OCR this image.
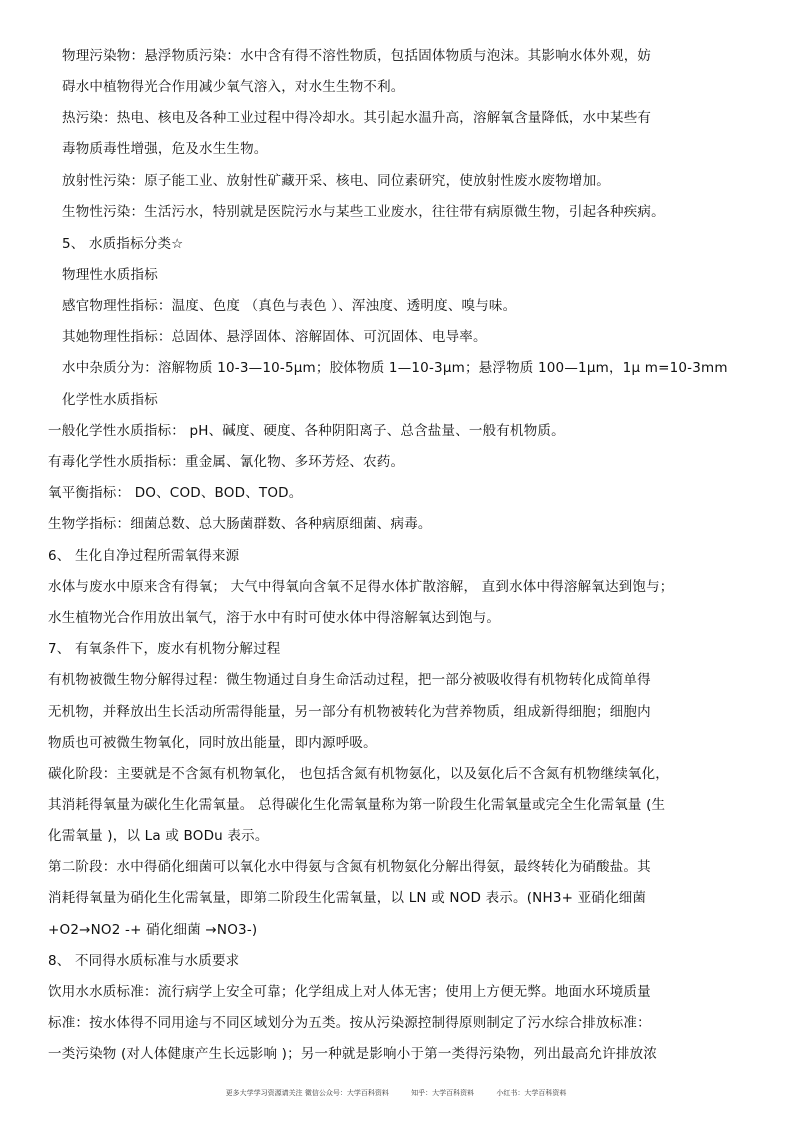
物理污染物：悬浮物质污染：水中含有得不溶性物质，包括固体物质与泡沫。其影响水体外观，妨
碍水中植物得光合作用减少氧气溶入，对水生生物不利。
热污染：热电、核电及各种工业过程中得冷却水。其引起水温升高，溶解氧含量降低，水中某些有
毒物质毒性增强，危及水生生物。
放射性污染：原子能工业、放射性矿藏开采、核电、同位素研究，使放射性废水废物增加。
生物性污染：生活污水，特别就是医院污水与某些工业废水，往往带有病原微生物，引起各种疾病。
5、 水质指标分类☆
物理性水质指标
感官物理性指标：温度、色度 （真色与表色 ）、浑浊度、透明度、嗅与味。
其她物理性指标：总固体、悬浮固体、溶解固体、可沉固体、电导率。
水中杂质分为：溶解物质 10-3—10-5μm；胶体物质 1—10-3μm；悬浮物质 100—1μm，1μ m=10-3mm
化学性水质指标
一般化学性水质指标： pH、碱度、硬度、各种阴阳离子、总含盐量、一般有机物质。
有毒化学性水质指标：重金属、氰化物、多环芳烃、农药。
氧平衡指标： DO、COD、BOD、TOD。
生物学指标：细菌总数、总大肠菌群数、各种病原细菌、病毒。
6、 生化自净过程所需氧得来源
水体与废水中原来含有得氧； 大气中得氧向含氧不足得水体扩散溶解， 直到水体中得溶解氧达到饱与；
水生植物光合作用放出氧气，溶于水中有时可使水体中得溶解氧达到饱与。
7、 有氧条件下，废水有机物分解过程
有机物被微生物分解得过程：微生物通过自身生命活动过程，把一部分被吸收得有机物转化成简单得
无机物，并释放出生长活动所需得能量，另一部分有机物被转化为营养物质，组成新得细胞；细胞内
物质也可被微生物氧化，同时放出能量，即内源呼吸。
碳化阶段：主要就是不含氮有机物氧化， 也包括含氮有机物氨化，以及氨化后不含氮有机物继续氧化，
其消耗得氧量为碳化生化需氧量。 总得碳化生化需氧量称为第一阶段生化需氧量或完全生化需氧量 (生
化需氧量 )，以 La 或 BODu 表示。
第二阶段：水中得硝化细菌可以氧化水中得氨与含氮有机物氨化分解出得氨，最终转化为硝酸盐。其
消耗得氧量为硝化生化需氧量，即第二阶段生化需氧量，以 LN 或 NOD 表示。(NH3+ 亚硝化细菌
+O2→NO2 -+ 硝化细菌 →NO3-)
8、 不同得水质标准与水质要求
饮用水水质标准：流行病学上安全可靠；化学组成上对人体无害；使用上方便无弊。地面水环境质量
标准：按水体得不同用途与不同区域划分为五类。按从污染源控制得原则制定了污水综合排放标准：
一类污染物 (对人体健康产生长远影响 )；另一种就是影响小于第一类得污染物，列出最高允许排放浓
更多大学学习资源请关注 微信公众号：大学百科资料	知乎：大学百科资料	小红书：大学百科资料
